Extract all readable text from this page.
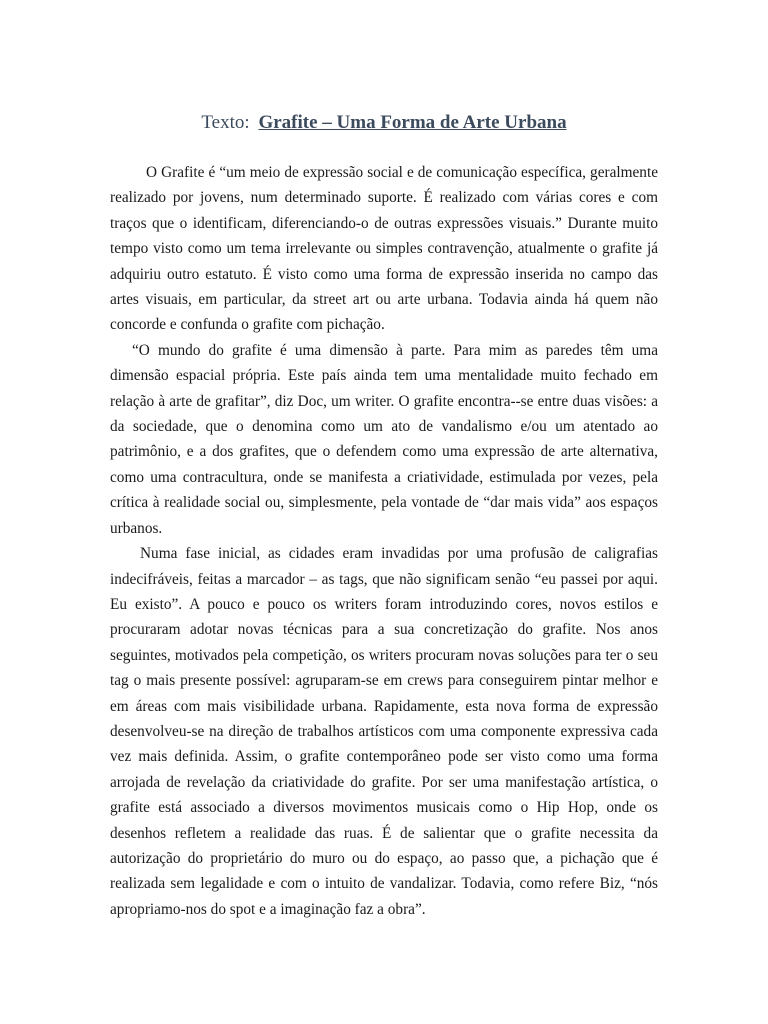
Texto: Grafite – Uma Forma de Arte Urbana

O Grafite é “um meio de expressão social e de comunicação específica, geralmente realizado por jovens, num determinado suporte. É realizado com várias cores e com traços que o identificam, diferenciando-o de outras expressões visuais.” Durante muito tempo visto como um tema irrelevante ou simples contravenção, atualmente o grafite já adquiriu outro estatuto. É visto como uma forma de expressão inserida no campo das artes visuais, em particular, da street art ou arte urbana. Todavia ainda há quem não concorde e confunda o grafite com pichação.

“O mundo do grafite é uma dimensão à parte. Para mim as paredes têm uma dimensão espacial própria. Este país ainda tem uma mentalidade muito fechado em relação à arte de grafitar”, diz Doc, um writer. O grafite encontra--se entre duas visões: a da sociedade, que o denomina como um ato de vandalismo e/ou um atentado ao patrimônio, e a dos grafites, que o defendem como uma expressão de arte alternativa, como uma contracultura, onde se manifesta a criatividade, estimulada por vezes, pela crítica à realidade social ou, simplesmente, pela vontade de “dar mais vida” aos espaços urbanos.

Numa fase inicial, as cidades eram invadidas por uma profusão de caligrafias indecifráveis, feitas a marcador – as tags, que não significam senão “eu passei por aqui. Eu existo”. A pouco e pouco os writers foram introduzindo cores, novos estilos e procuraram adotar novas técnicas para a sua concretização do grafite. Nos anos seguintes, motivados pela competição, os writers procuram novas soluções para ter o seu tag o mais presente possível: agruparam-se em crews para conseguirem pintar melhor e em áreas com mais visibilidade urbana. Rapidamente, esta nova forma de expressão desenvolveu-se na direção de trabalhos artísticos com uma componente expressiva cada vez mais definida. Assim, o grafite contemporâneo pode ser visto como uma forma arrojada de revelação da criatividade do grafite. Por ser uma manifestação artística, o grafite está associado a diversos movimentos musicais como o Hip Hop, onde os desenhos refletem a realidade das ruas. É de salientar que o grafite necessita da autorização do proprietário do muro ou do espaço, ao passo que, a pichação que é realizada sem legalidade e com o intuito de vandalizar. Todavia, como refere Biz, “nós apropriamo-nos do spot e a imaginação faz a obra”.
